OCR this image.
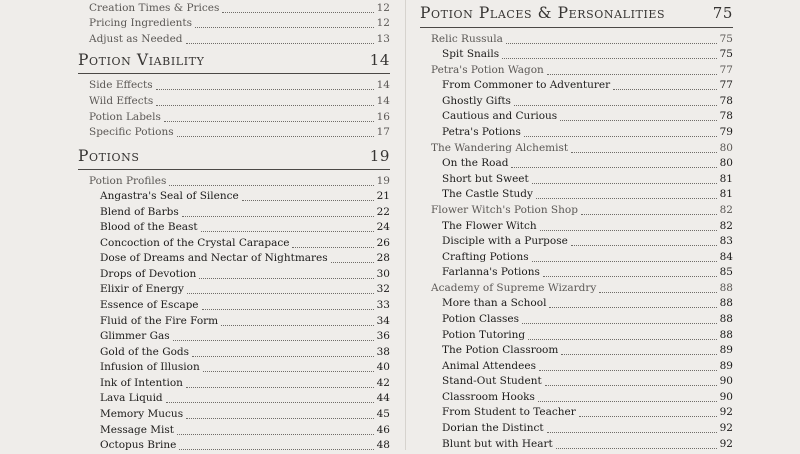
Creation Times & Prices	12
Pricing Ingredients	12
Adjust as Needed	13
Potion Viability	14
Side Effects	14
Wild Effects	14
Potion Labels	16
Specific Potions	17
Potions	19
Potion Profiles	19
Angastra's Seal of Silence	21
Blend of Barbs	22
Blood of the Beast	24
Concoction of the Crystal Carapace	26
Dose of Dreams and Nectar of Nightmares	28
Drops of Devotion	30
Elixir of Energy	32
Essence of Escape	33
Fluid of the Fire Form	34
Glimmer Gas	36
Gold of the Gods	38
Infusion of Illusion	40
Ink of Intention	42
Lava Liquid	44
Memory Mucus	45
Message Mist	46
Octopus Brine	48
Potion Places & Personalities	75
Relic Russula	75
Spit Snails	75
Petra's Potion Wagon	77
From Commoner to Adventurer	77
Ghostly Gifts	78
Cautious and Curious	78
Petra's Potions	79
The Wandering Alchemist	80
On the Road	80
Short but Sweet	81
The Castle Study	81
Flower Witch's Potion Shop	82
The Flower Witch	82
Disciple with a Purpose	83
Crafting Potions	84
Farlanna's Potions	85
Academy of Supreme Wizardry	88
More than a School	88
Potion Classes	88
Potion Tutoring	88
The Potion Classroom	89
Animal Attendees	89
Stand-Out Student	90
Classroom Hooks	90
From Student to Teacher	92
Dorian the Distinct	92
Blunt but with Heart	92
